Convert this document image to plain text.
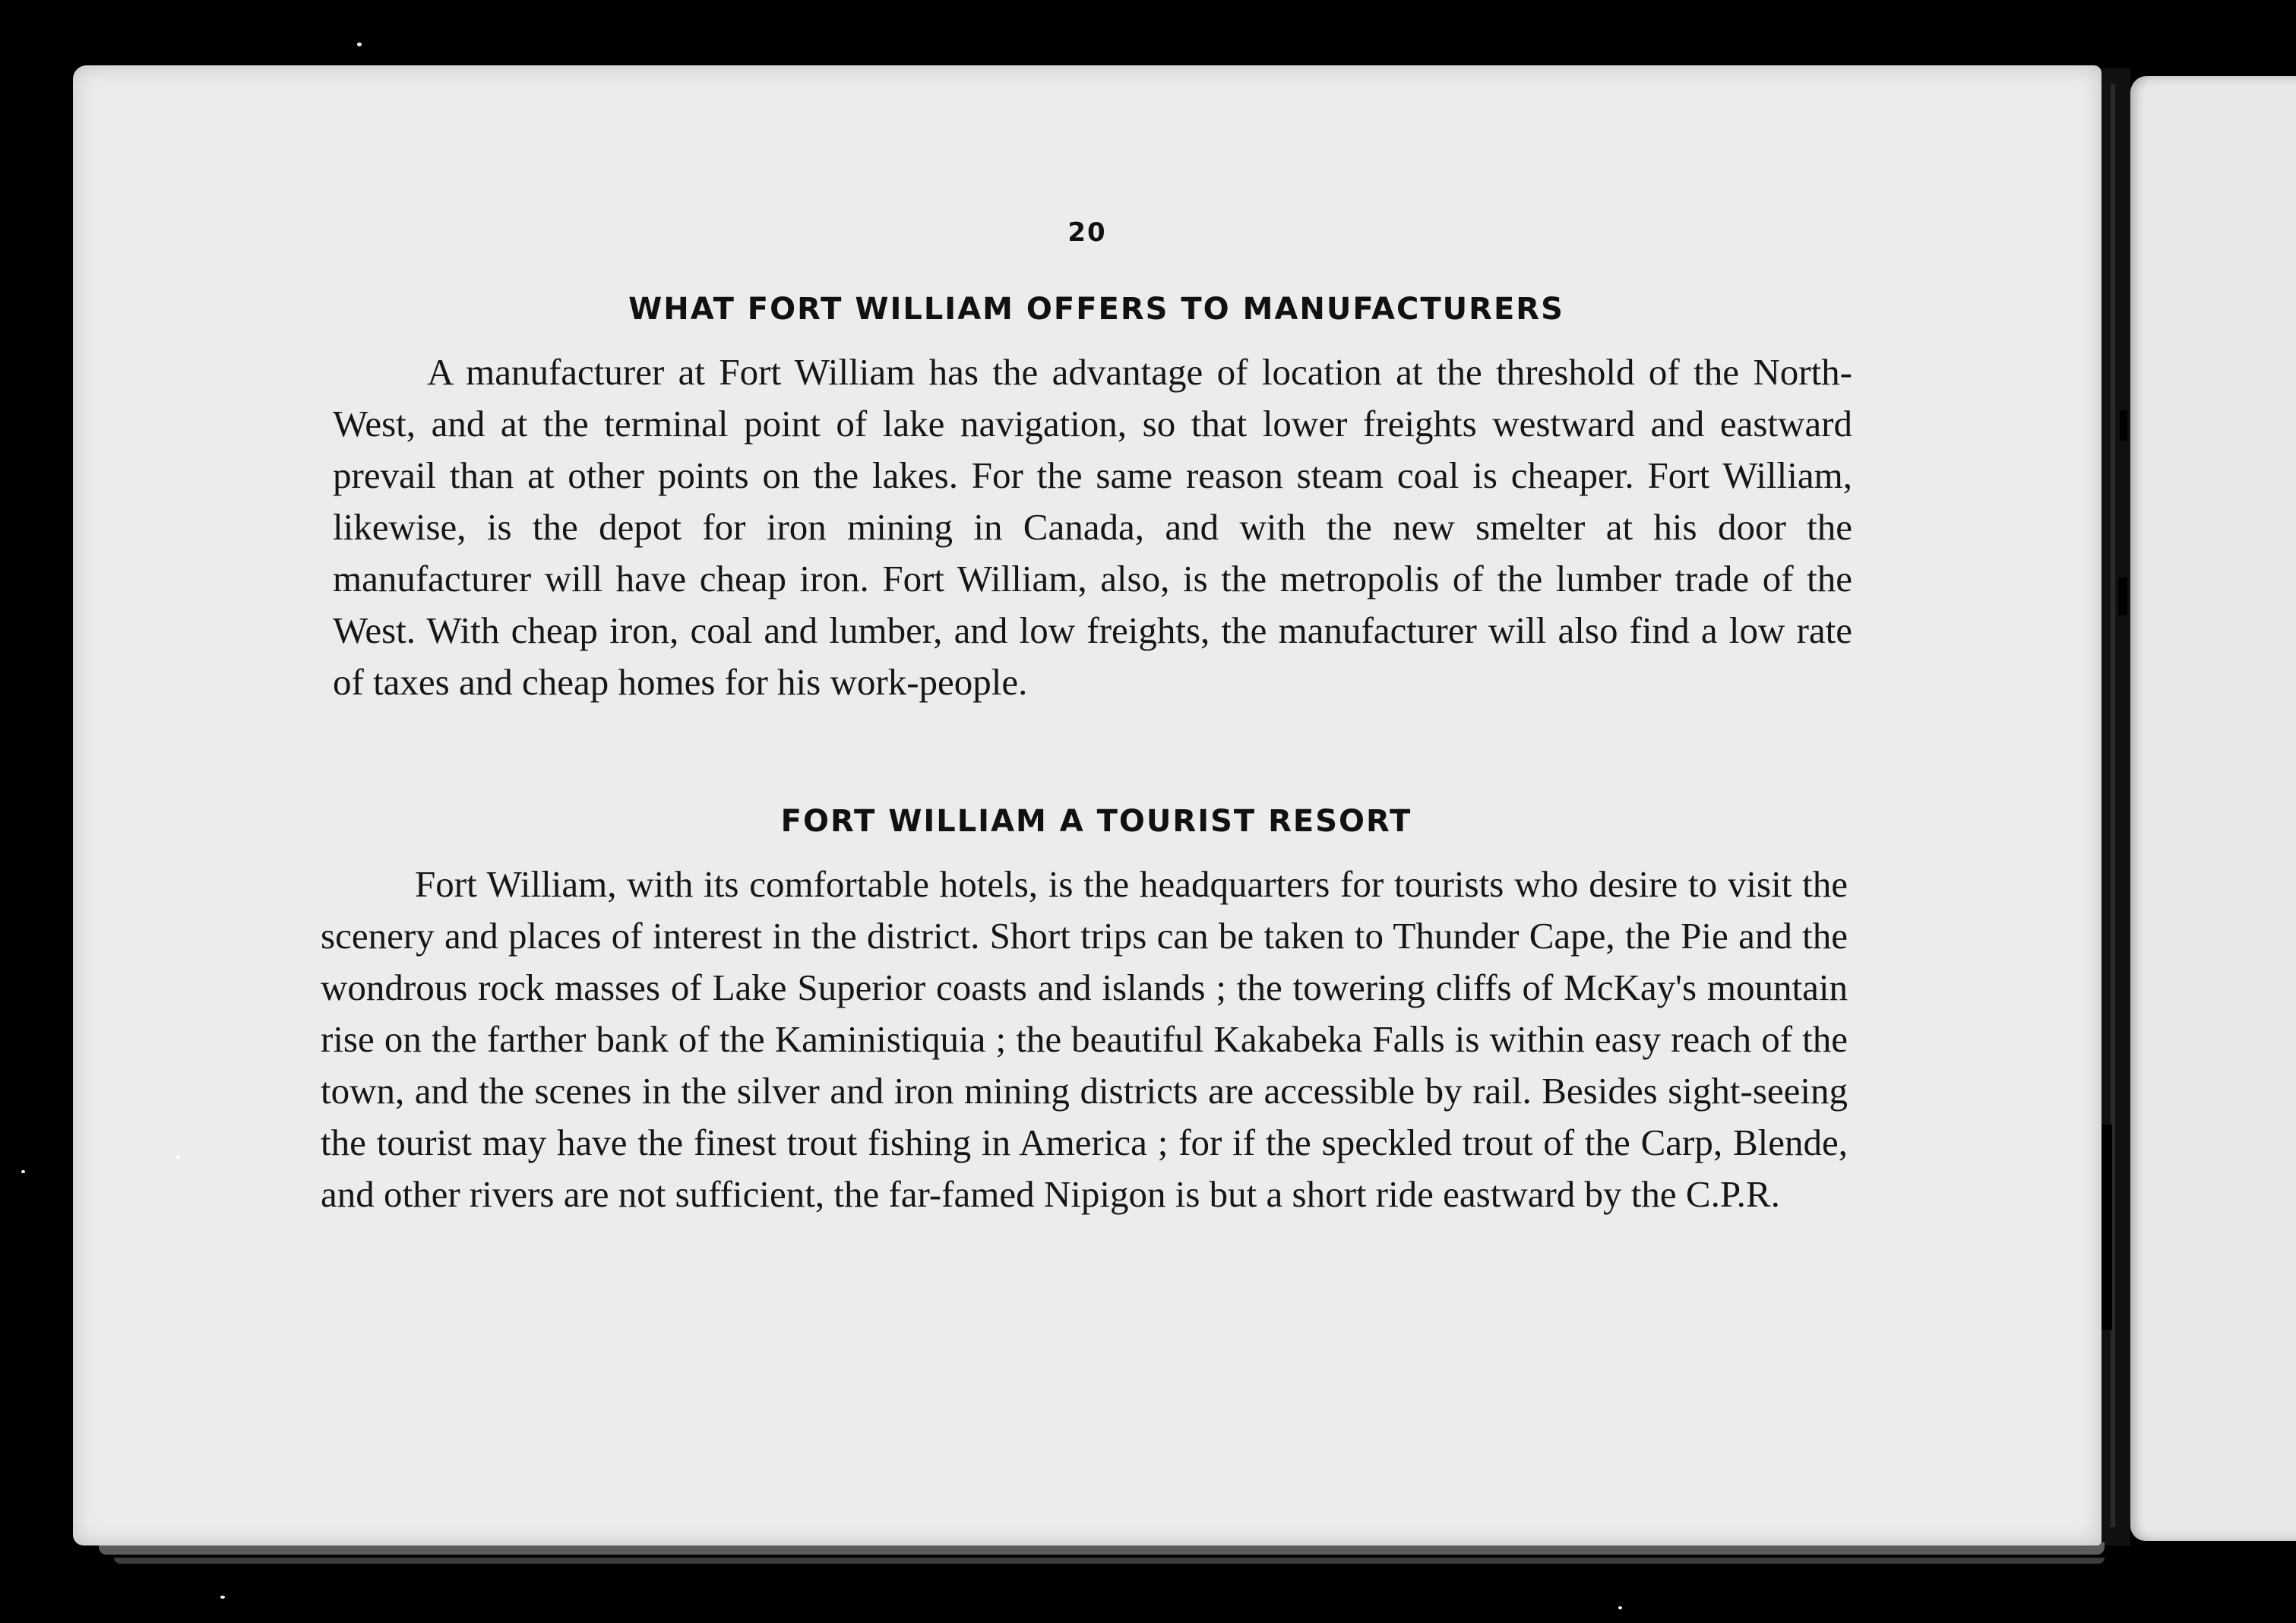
20

WHAT FORT WILLIAM OFFERS TO MANUFACTURERS

A manufacturer at Fort William has the advantage of location at the threshold of the North-West, and at the terminal point of lake navigation, so that lower freights westward and eastward prevail than at other points on the lakes. For the same reason steam coal is cheaper. Fort William, likewise, is the depot for iron mining in Canada, and with the new smelter at his door the manufacturer will have cheap iron. Fort William, also, is the metropolis of the lumber trade of the West. With cheap iron, coal and lumber, and low freights, the manufacturer will also find a low rate of taxes and cheap homes for his work-people.

FORT WILLIAM A TOURIST RESORT

Fort William, with its comfortable hotels, is the headquarters for tourists who desire to visit the scenery and places of interest in the district. Short trips can be taken to Thunder Cape, the Pie and the wondrous rock masses of Lake Superior coasts and islands ; the towering cliffs of McKay's mountain rise on the farther bank of the Kaministiquia ; the beautiful Kakabeka Falls is within easy reach of the town, and the scenes in the silver and iron mining districts are accessible by rail. Besides sight-seeing the tourist may have the finest trout fishing in America ; for if the speckled trout of the Carp, Blende, and other rivers are not sufficient, the far-famed Nipigon is but a short ride eastward by the C.P.R.
